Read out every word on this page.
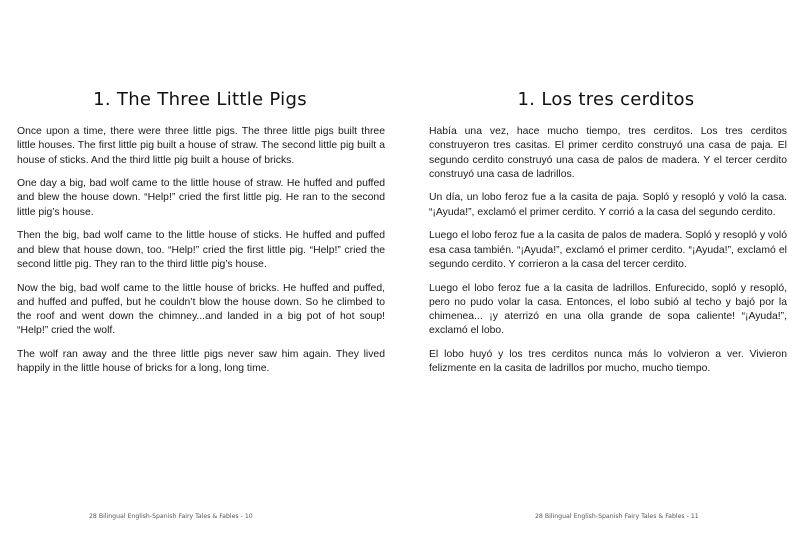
1. The Three Little Pigs

Once upon a time, there were three little pigs. The three little pigs built three little houses. The first little pig built a house of straw. The second little pig built a house of sticks. And the third little pig built a house of bricks.

One day a big, bad wolf came to the little house of straw. He huffed and puffed and blew the house down. “Help!” cried the first little pig. He ran to the second little pig’s house.

Then the big, bad wolf came to the little house of sticks. He huffed and puffed and blew that house down, too. “Help!” cried the first little pig. “Help!” cried the second little pig. They ran to the third little pig’s house.

Now the big, bad wolf came to the little house of bricks. He huffed and puffed, and huffed and puffed, but he couldn’t blow the house down. So he climbed to the roof and went down the chimney...and landed in a big pot of hot soup! “Help!” cried the wolf.

The wolf ran away and the three little pigs never saw him again. They lived happily in the little house of bricks for a long, long time.

28 Bilingual English-Spanish Fairy Tales & Fables - 10
1. Los tres cerditos

Había una vez, hace mucho tiempo, tres cerditos. Los tres cerditos construyeron tres casitas. El primer cerdito construyó una casa de paja. El segundo cerdito construyó una casa de palos de madera. Y el tercer cerdito construyó una casa de ladrillos.

Un día, un lobo feroz fue a la casita de paja. Sopló y resopló y voló la casa. “¡Ayuda!”, exclamó el primer cerdito. Y corrió a la casa del segundo cerdito.

Luego el lobo feroz fue a la casita de palos de madera. Sopló y resopló y voló esa casa también. “¡Ayuda!”, exclamó el primer cerdito. “¡Ayuda!”, exclamó el segundo cerdito. Y corrieron a la casa del tercer cerdito.

Luego el lobo feroz fue a la casita de ladrillos. Enfurecido, sopló y resopló, pero no pudo volar la casa. Entonces, el lobo subió al techo y bajó por la chimenea... ¡y aterrizó en una olla grande de sopa caliente! “¡Ayuda!”, exclamó el lobo.

El lobo huyó y los tres cerditos nunca más lo volvieron a ver. Vivieron felizmente en la casita de ladrillos por mucho, mucho tiempo.

28 Bilingual English-Spanish Fairy Tales & Fables - 11
